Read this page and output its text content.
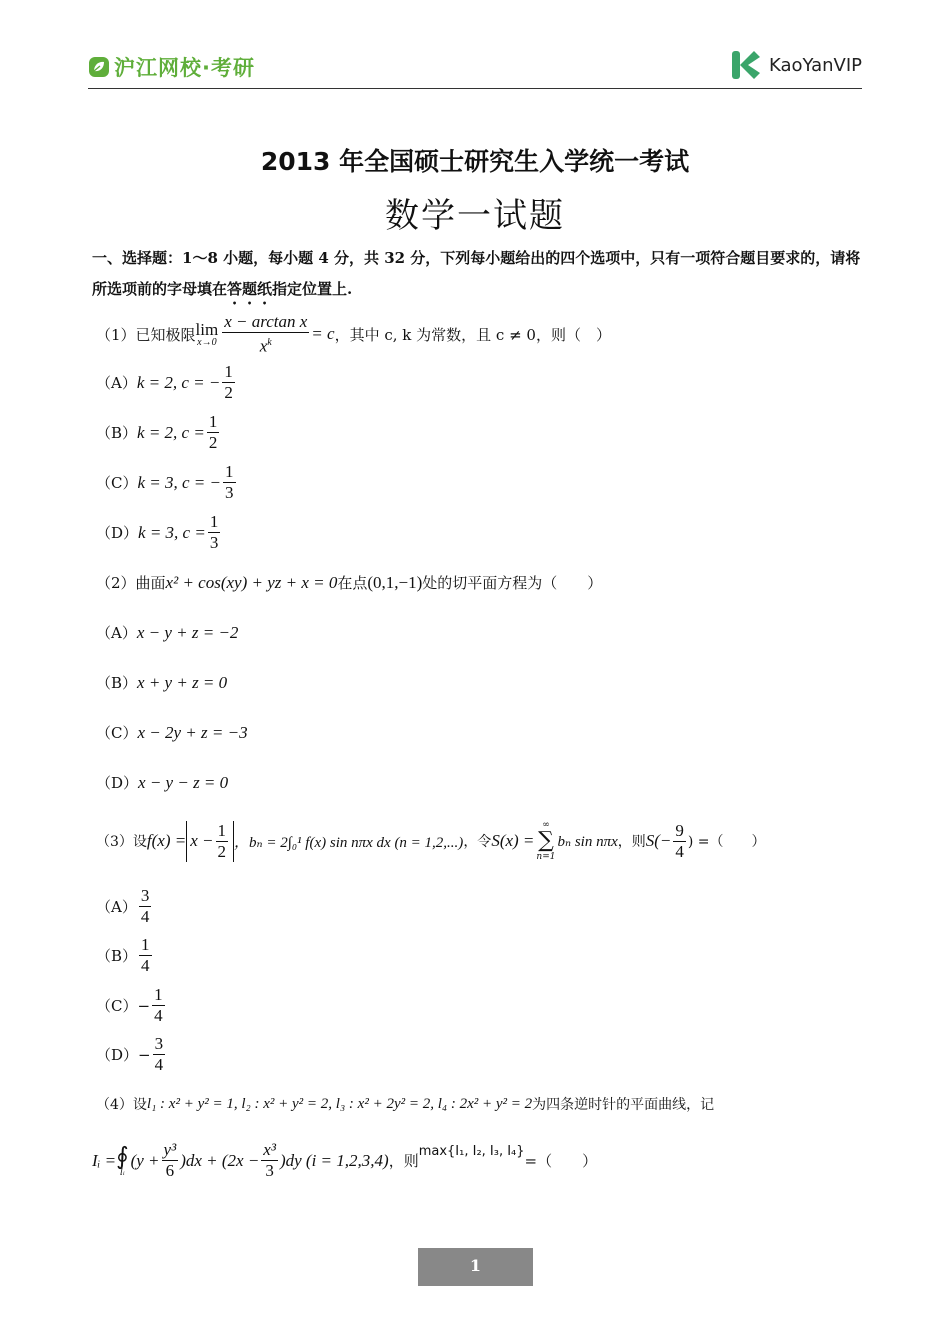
沪江网校·考研	KaoYanVIP
2013 年全国硕士研究生入学统一考试
数学一试题
一、选择题：1～8 小题，每小题 4 分，共 32 分，下列每小题给出的四个选项中，只有一项符合题目要求的，请将所选项前的字母填在答题纸指定位置上.
（1）已知极限 lim
$x\to 0 \frac{\text{x − arctan x}}{x^k} = c$ ，其中 c, k 为常数，且 c ≠ 0，则（　）
（A） k = 2, c = − $\frac{1}{2}$
（B） k = 2, $c = \frac{1}{2}$
（C） k = 3, c = − $\frac{1}{3}$
（D） k = 3, $c = \frac{1}{3}$
（2）曲面 x² + cos(xy) + yz + x = 0 在点 (0,1,−1) 处的切平面方程为（　　）
（A） x − y + z = −2
（B） x + y + z = 0
（C） x − 2y + z = −3
（D） x − y − z = 0
（3）设 $f(x) = x - \frac{1}{2}$ ，bₙ = 2∫₀¹ f(x) sin nπx dx (n = 1,2,...) ，令 S(x) =
∞
∑
n=1
bₙ sin nπx ，则 $S(- \frac{9}{4}$ ) =（　　）
$(A) \frac{3}{4}$
$(B) \frac{1}{4}$
$(C) - \frac{1}{4}$
$(D) - \frac{3}{4}$
（4）设 l₁ : x² + y² = 1, l₂ : x² + y² = 2, l₃ : x² + 2y² = 2, l₄ : 2x² + y² = 2 为四条逆时针的平面曲线，记
Iᵢ = ∮
lᵢ
$(y + \frac{\text{y³}}{6} )dx + (2x - \frac{\text{x³}}{3} )dy$ (i = 1,2,3,4) ，则
max{I₁, I₂, I₃, I₄}
=（　　）
1
